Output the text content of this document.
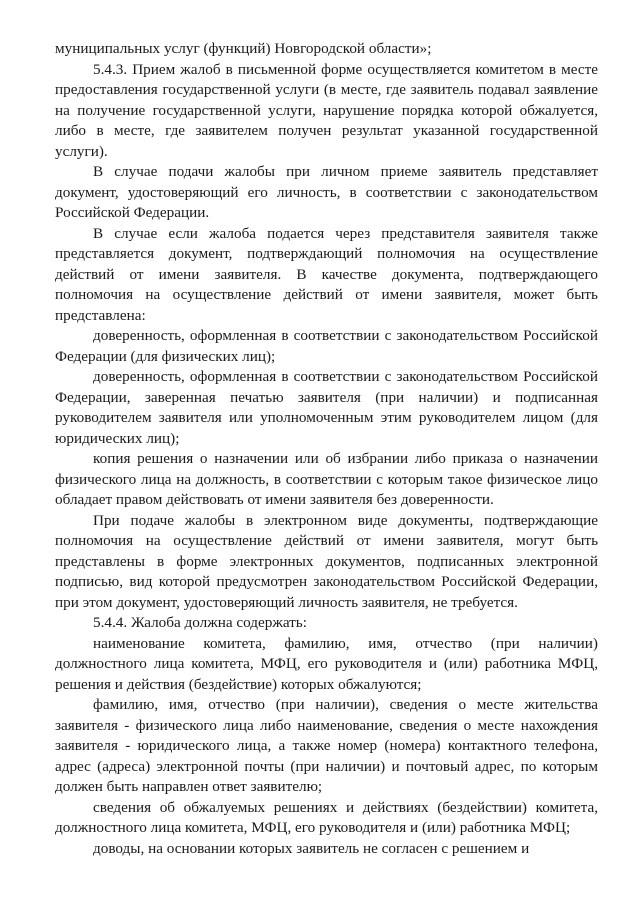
муниципальных услуг (функций) Новгородской области»;

5.4.3. Прием жалоб в письменной форме осуществляется комитетом в месте предоставления государственной услуги (в месте, где заявитель подавал заявление на получение государственной услуги, нарушение порядка которой обжалуется, либо в месте, где заявителем получен результат указанной государственной услуги).

В случае подачи жалобы при личном приеме заявитель представляет документ, удостоверяющий его личность, в соответствии с законодательством Российской Федерации.

В случае если жалоба подается через представителя заявителя также представляется документ, подтверждающий полномочия на осуществление действий от имени заявителя. В качестве документа, подтверждающего полномочия на осуществление действий от имени заявителя, может быть представлена:

доверенность, оформленная в соответствии с законодательством Российской Федерации (для физических лиц);

доверенность, оформленная в соответствии с законодательством Российской Федерации, заверенная печатью заявителя (при наличии) и подписанная руководителем заявителя или уполномоченным этим руководителем лицом (для юридических лиц);

копия решения о назначении или об избрании либо приказа о назначении физического лица на должность, в соответствии с которым такое физическое лицо обладает правом действовать от имени заявителя без доверенности.

При подаче жалобы в электронном виде документы, подтверждающие полномочия на осуществление действий от имени заявителя, могут быть представлены в форме электронных документов, подписанных электронной подписью, вид которой предусмотрен законодательством Российской Федерации, при этом документ, удостоверяющий личность заявителя, не требуется.

5.4.4. Жалоба должна содержать:

наименование комитета, фамилию, имя, отчество (при наличии) должностного лица комитета, МФЦ, его руководителя и (или) работника МФЦ, решения и действия (бездействие) которых обжалуются;

фамилию, имя, отчество (при наличии), сведения о месте жительства заявителя - физического лица либо наименование, сведения о месте нахождения заявителя - юридического лица, а также номер (номера) контактного телефона, адрес (адреса) электронной почты (при наличии) и почтовый адрес, по которым должен быть направлен ответ заявителю;

сведения об обжалуемых решениях и действиях (бездействии) комитета, должностного лица комитета, МФЦ, его руководителя и (или) работника МФЦ;

доводы, на основании которых заявитель не согласен с решением и
